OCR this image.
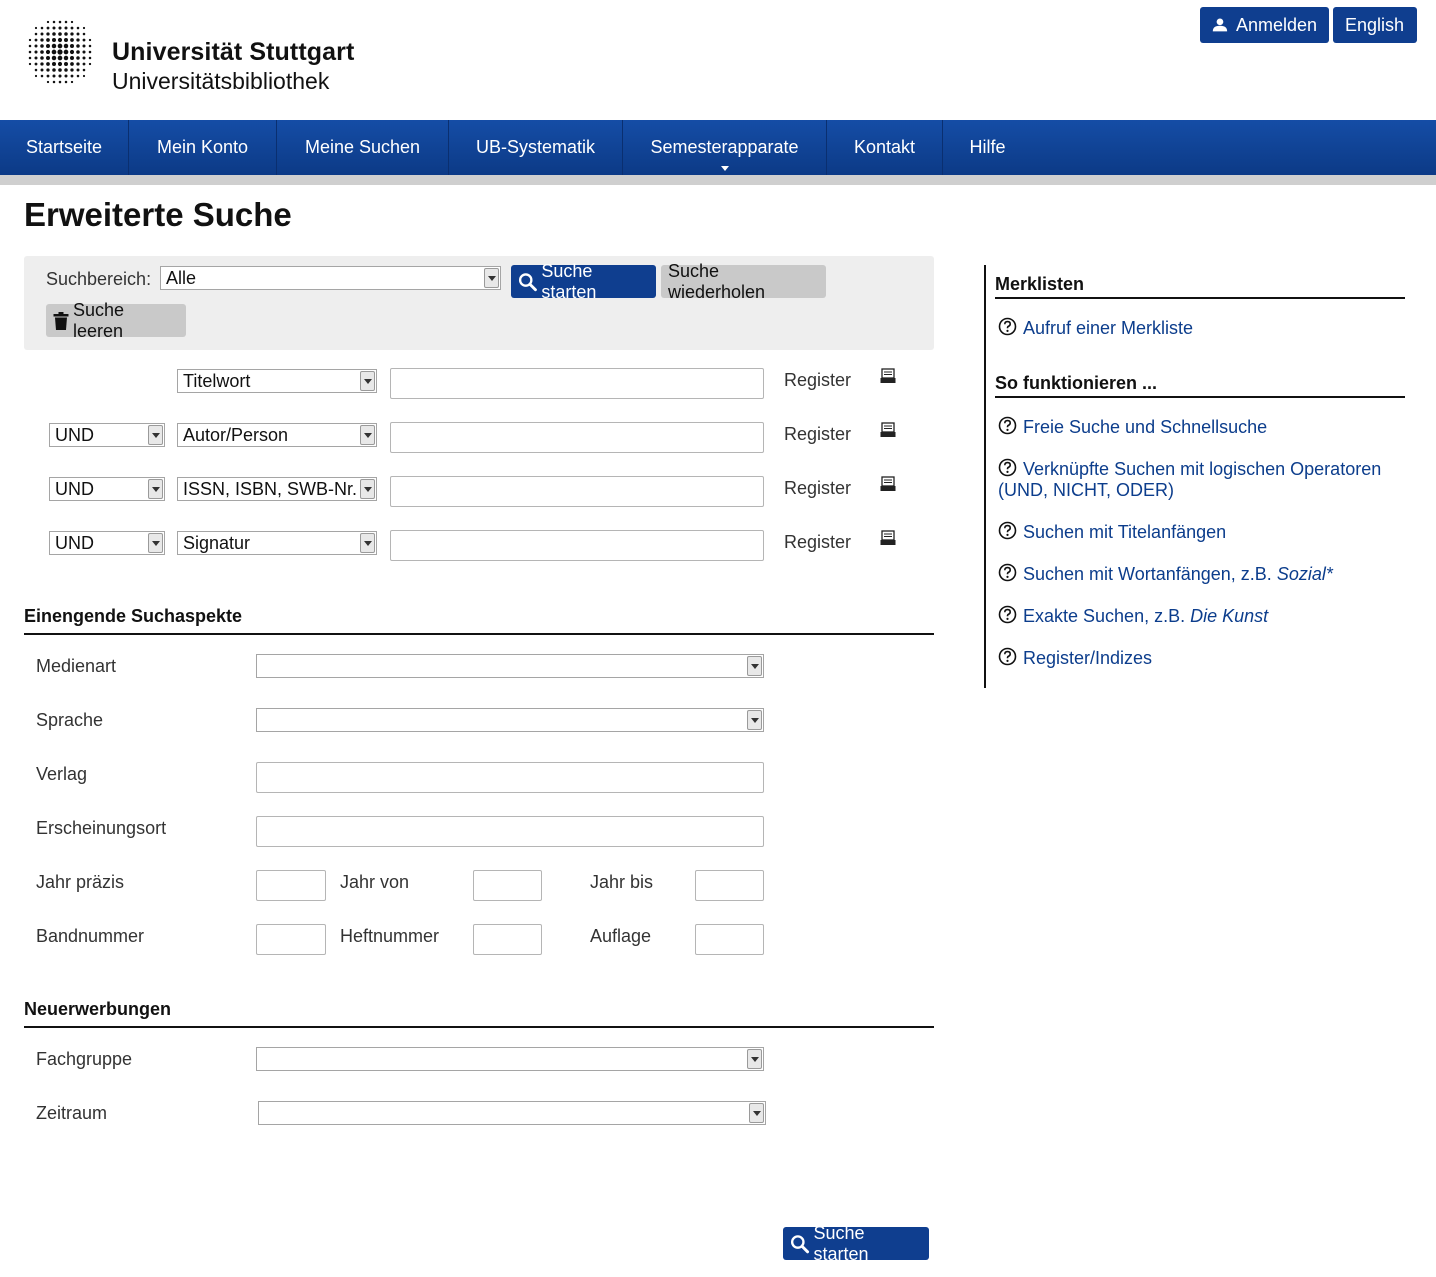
Universität Stuttgart
Universitätsbibliothek
Anmelden English
Startseite	Mein Konto	Meine Suchen	UB-Systematik	Semesterapparate	Kontakt	Hilfe
Erweiterte Suche
Suchbereich: Alle	Suche starten
Suche wiederholen
Suche leeren
Titelwort	Register
UND	Autor/Person	Register
UND	ISSN, ISBN, SWB-Nr.	Register
UND	Signatur	Register
Einengende Suchaspekte
Medienart
Sprache
Verlag
Erscheinungsort
Jahr präzis	Jahr von	Jahr bis
Bandnummer	Heftnummer	Auflage
Neuerwerbungen
Fachgruppe
Zeitraum
Suche starten
Merklisten
Aufruf einer Merkliste
So funktionieren ...
Freie Suche und Schnellsuche
Verknüpfte Suchen mit logischen Operatoren (UND, NICHT, ODER)
Suchen mit Titelanfängen
Suchen mit Wortanfängen, z.B. Sozial*
Exakte Suchen, z.B. Die Kunst
Register/Indizes
